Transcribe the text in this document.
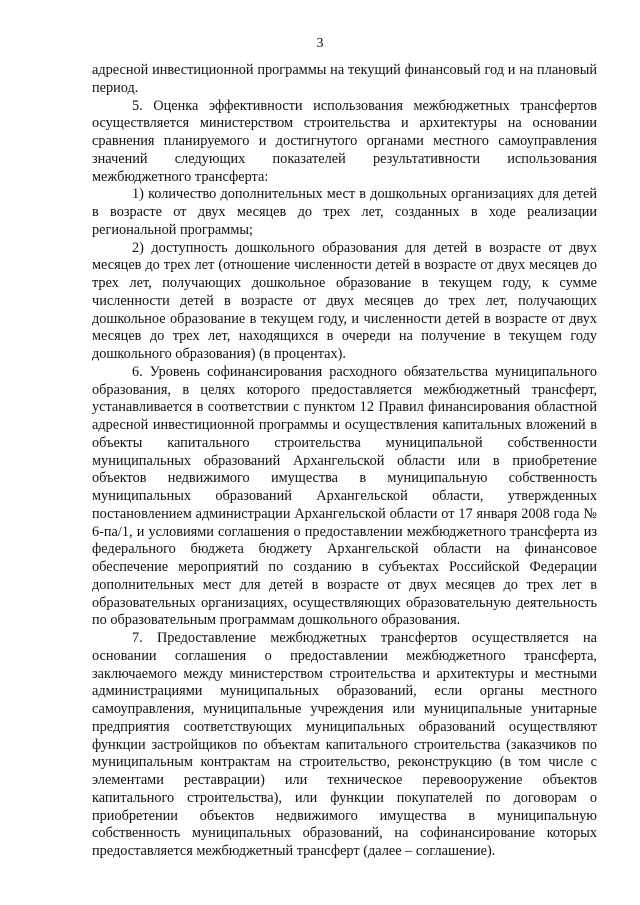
3

адресной инвестиционной программы на текущий финансовый год и на плановый период.

5. Оценка эффективности использования межбюджетных трансфертов осуществляется министерством строительства и архитектуры на основании сравнения планируемого и достигнутого органами местного самоуправления значений следующих показателей результативности использования межбюджетного трансферта:

1) количество дополнительных мест в дошкольных организациях для детей в возрасте от двух месяцев до трех лет, созданных в ходе реализации региональной программы;

2) доступность дошкольного образования для детей в возрасте от двух месяцев до трех лет (отношение численности детей в возрасте от двух месяцев до трех лет, получающих дошкольное образование в текущем году, к сумме численности детей в возрасте от двух месяцев до трех лет, получающих дошкольное образование в текущем году, и численности детей в возрасте от двух месяцев до трех лет, находящихся в очереди на получение в текущем году дошкольного образования) (в процентах).

6. Уровень софинансирования расходного обязательства муниципального образования, в целях которого предоставляется межбюджетный трансферт, устанавливается в соответствии с пунктом 12 Правил финансирования областной адресной инвестиционной программы и осуществления капитальных вложений в объекты капитального строительства муниципальной собственности муниципальных образований Архангельской области или в приобретение объектов недвижимого имущества в муниципальную собственность муниципальных образований Архангельской области, утвержденных постановлением администрации Архангельской области от 17 января 2008 года № 6-па/1, и условиями соглашения о предоставлении межбюджетного трансферта из федерального бюджета бюджету Архангельской области на финансовое обеспечение мероприятий по созданию в субъектах Российской Федерации дополнительных мест для детей в возрасте от двух месяцев до трех лет в образовательных организациях, осуществляющих образовательную деятельность по образовательным программам дошкольного образования.

7. Предоставление межбюджетных трансфертов осуществляется на основании соглашения о предоставлении межбюджетного трансферта, заключаемого между министерством строительства и архитектуры и местными администрациями муниципальных образований, если органы местного самоуправления, муниципальные учреждения или муниципальные унитарные предприятия соответствующих муниципальных образований осуществляют функции застройщиков по объектам капитального строительства (заказчиков по муниципальным контрактам на строительство, реконструкцию (в том числе с элементами реставрации) или техническое перевооружение объектов капитального строительства), или функции покупателей по договорам о приобретении объектов недвижимого имущества в муниципальную собственность муниципальных образований, на софинансирование которых предоставляется межбюджетный трансферт (далее – соглашение).
